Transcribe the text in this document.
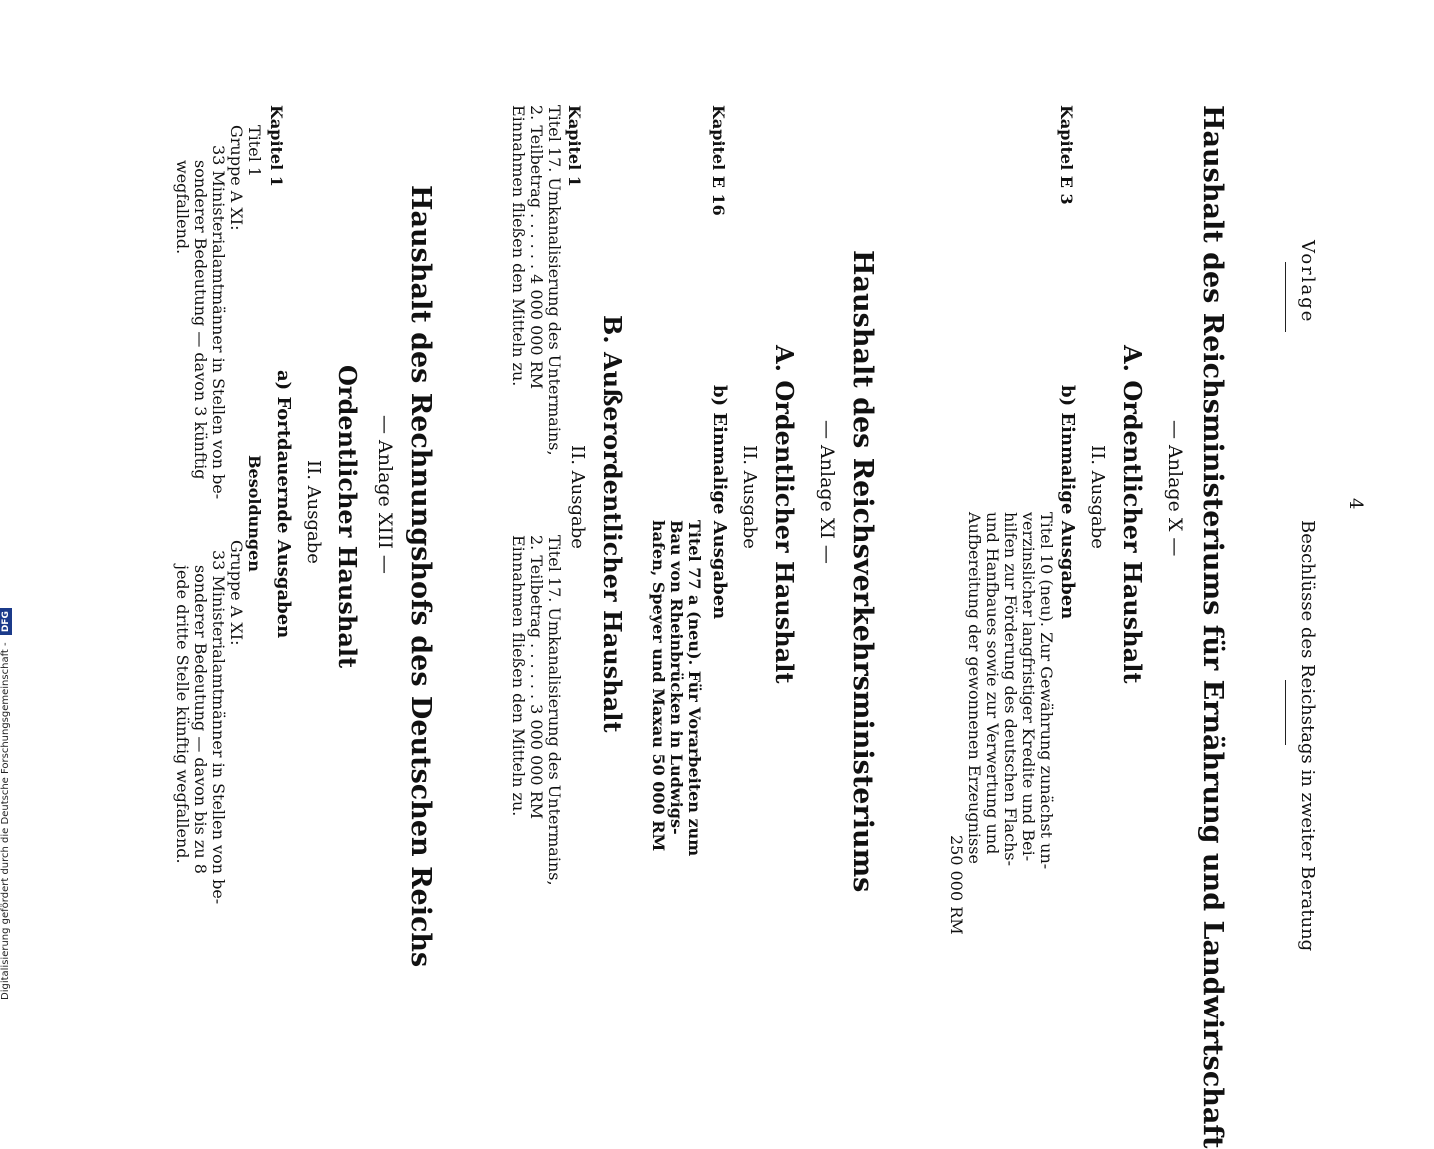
4
Vorlage
Beschlüsse des Reichstags in zweiter Beratung
Haushalt des Reichsministeriums für Ernährung und Landwirtschaft
— Anlage X —
A. Ordentlicher Haushalt
II. Ausgabe
b) Einmalige Ausgaben
Kapitel E 3
Titel 10 (neu). Zur Gewährung zunächst un-
verzinslicher langfristiger Kredite und Bei-
hilfen zur Förderung des deutschen Flachs-
und Hanfbaues sowie zur Verwertung und
Aufbereitung der gewonnenen Erzeugnisse
250 000 RM
Haushalt des Reichsverkehrsministeriums
— Anlage XI —
A. Ordentlicher Haushalt
II. Ausgabe
b) Einmalige Ausgaben
Kapitel E 16
Titel 77 a (neu). Für Vorarbeiten zum
Bau von Rheinbrücken in Ludwigs-
hafen, Speyer und Maxau 50 000 RM
B. Außerordentlicher Haushalt
II. Ausgabe
Kapitel 1
Titel 17. Umkanalisierung des Untermains,
2. Teilbetrag . . . . . . 4 000 000 RM
Einnahmen fließen den Mitteln zu.
Titel 17. Umkanalisierung des Untermains,
2. Teilbetrag . . . . . . 3 000 000 RM
Einnahmen fließen den Mitteln zu.
Haushalt des Rechnungshofs des Deutschen Reichs
— Anlage XIII —
Ordentlicher Haushalt
II. Ausgabe
a) Fortdauernde Ausgaben
Besoldungen
Kapitel 1
Titel 1
Gruppe A XI:
33 Ministerialamtmänner in Stellen von be-
sonderer Bedeutung — davon 3 künftig
wegfallend.
Gruppe A XI:
33 Ministerialamtmänner in Stellen von be-
sonderer Bedeutung — davon bis zu 8
jede dritte Stelle künftig wegfallend.
Digitalisierung gefördert durch die Deutsche Forschungsgemeinschaft - DFG
